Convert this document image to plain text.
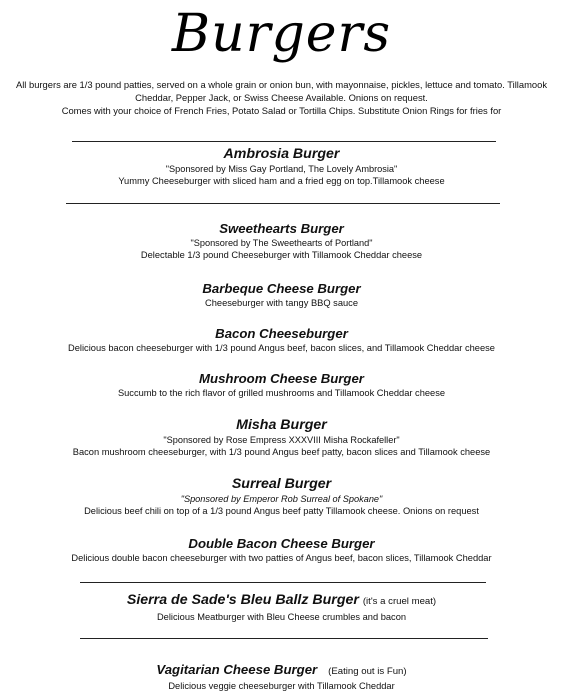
Burgers
All burgers are 1/3 pound patties, served on a whole grain or onion bun, with mayonnaise, pickles, lettuce and tomato. Tillamook
Cheddar, Pepper Jack, or Swiss Cheese Available. Onions on request.
Comes with your choice of French Fries, Potato Salad or Tortilla Chips. Substitute Onion Rings for fries for
Ambrosia Burger
"Sponsored by Miss Gay Portland, The Lovely Ambrosia"
Yummy Cheeseburger with sliced ham and a fried egg on top.Tillamook cheese
Sweethearts Burger
"Sponsored by The Sweethearts of Portland"
Delectable 1/3 pound Cheeseburger with Tillamook Cheddar cheese
Barbeque Cheese Burger
Cheeseburger with tangy BBQ sauce
Bacon Cheeseburger
Delicious bacon cheeseburger with 1/3 pound Angus beef, bacon slices, and Tillamook Cheddar cheese
Mushroom Cheese Burger
Succumb to the rich flavor of grilled mushrooms and Tillamook Cheddar cheese
Misha Burger
"Sponsored by Rose Empress XXXVIII Misha Rockafeller"
Bacon mushroom cheeseburger, with 1/3 pound Angus beef patty, bacon slices and Tillamook cheese
Surreal Burger
"Sponsored by Emperor Rob Surreal of Spokane"
Delicious beef chili on top of a 1/3 pound Angus beef patty Tillamook cheese. Onions on request
Double Bacon Cheese Burger
Delicious double bacon cheeseburger with two patties of Angus beef, bacon slices, Tillamook Cheddar
Sierra de Sade's Bleu Ballz Burger (it's a cruel meat)
Delicious Meatburger with Bleu Cheese crumbles and bacon
Vagitarian Cheese Burger (Eating out is Fun)
Delicious veggie cheeseburger with Tillamook Cheddar
